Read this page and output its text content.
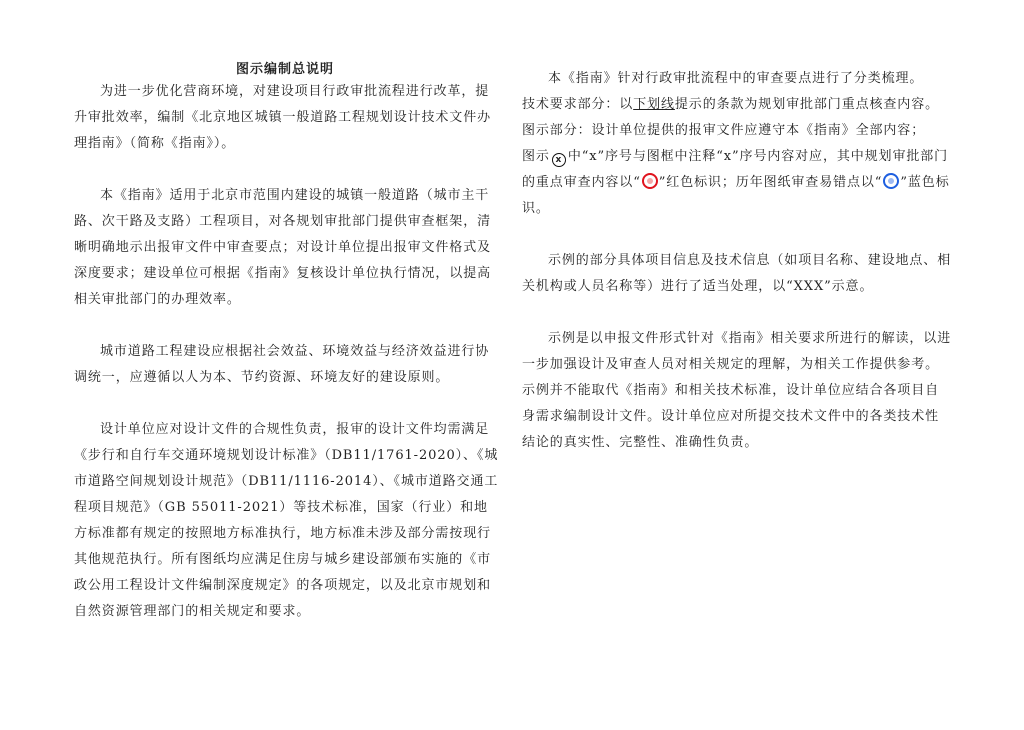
图示编制总说明

为进一步优化营商环境，对建设项目行政审批流程进行改革，提升审批效率，编制《北京地区城镇一般道路工程规划设计技术文件办理指南》（简称《指南》）。

本《指南》适用于北京市范围内建设的城镇一般道路（城市主干路、次干路及支路）工程项目，对各规划审批部门提供审查框架，清晰明确地示出报审文件中审查要点；对设计单位提出报审文件格式及深度要求；建设单位可根据《指南》复核设计单位执行情况，以提高相关审批部门的办理效率。

城市道路工程建设应根据社会效益、环境效益与经济效益进行协调统一，应遵循以人为本、节约资源、环境友好的建设原则。

设计单位应对设计文件的合规性负责，报审的设计文件均需满足《步行和自行车交通环境规划设计标准》（DB11/1761-2020）、《城市道路空间规划设计规范》（DB11/1116-2014）、《城市道路交通工程项目规范》（GB 55011-2021）等技术标准，国家（行业）和地方标准都有规定的按照地方标准执行，地方标准未涉及部分需按现行其他规范执行。所有图纸均应满足住房与城乡建设部颁布实施的《市政公用工程设计文件编制深度规定》的各项规定，以及北京市规划和自然资源管理部门的相关规定和要求。

本《指南》针对行政审批流程中的审查要点进行了分类梳理。

技术要求部分：以下划线提示的条款为规划审批部门重点核查内容。
图示部分：设计单位提供的报审文件应遵守本《指南》全部内容；
图示 x 中“x”序号与图框中注释“x”序号内容对应，其中规划审批部门的重点审查内容以“ ”红色标识；历年图纸审查易错点以“ ”蓝色标识。

示例的部分具体项目信息及技术信息（如项目名称、建设地点、相关机构或人员名称等）进行了适当处理，以“XXX”示意。

示例是以申报文件形式针对《指南》相关要求所进行的解读，以进一步加强设计及审查人员对相关规定的理解，为相关工作提供参考。示例并不能取代《指南》和相关技术标准，设计单位应结合各项目自身需求编制设计文件。设计单位应对所提交技术文件中的各类技术性结论的真实性、完整性、准确性负责。
